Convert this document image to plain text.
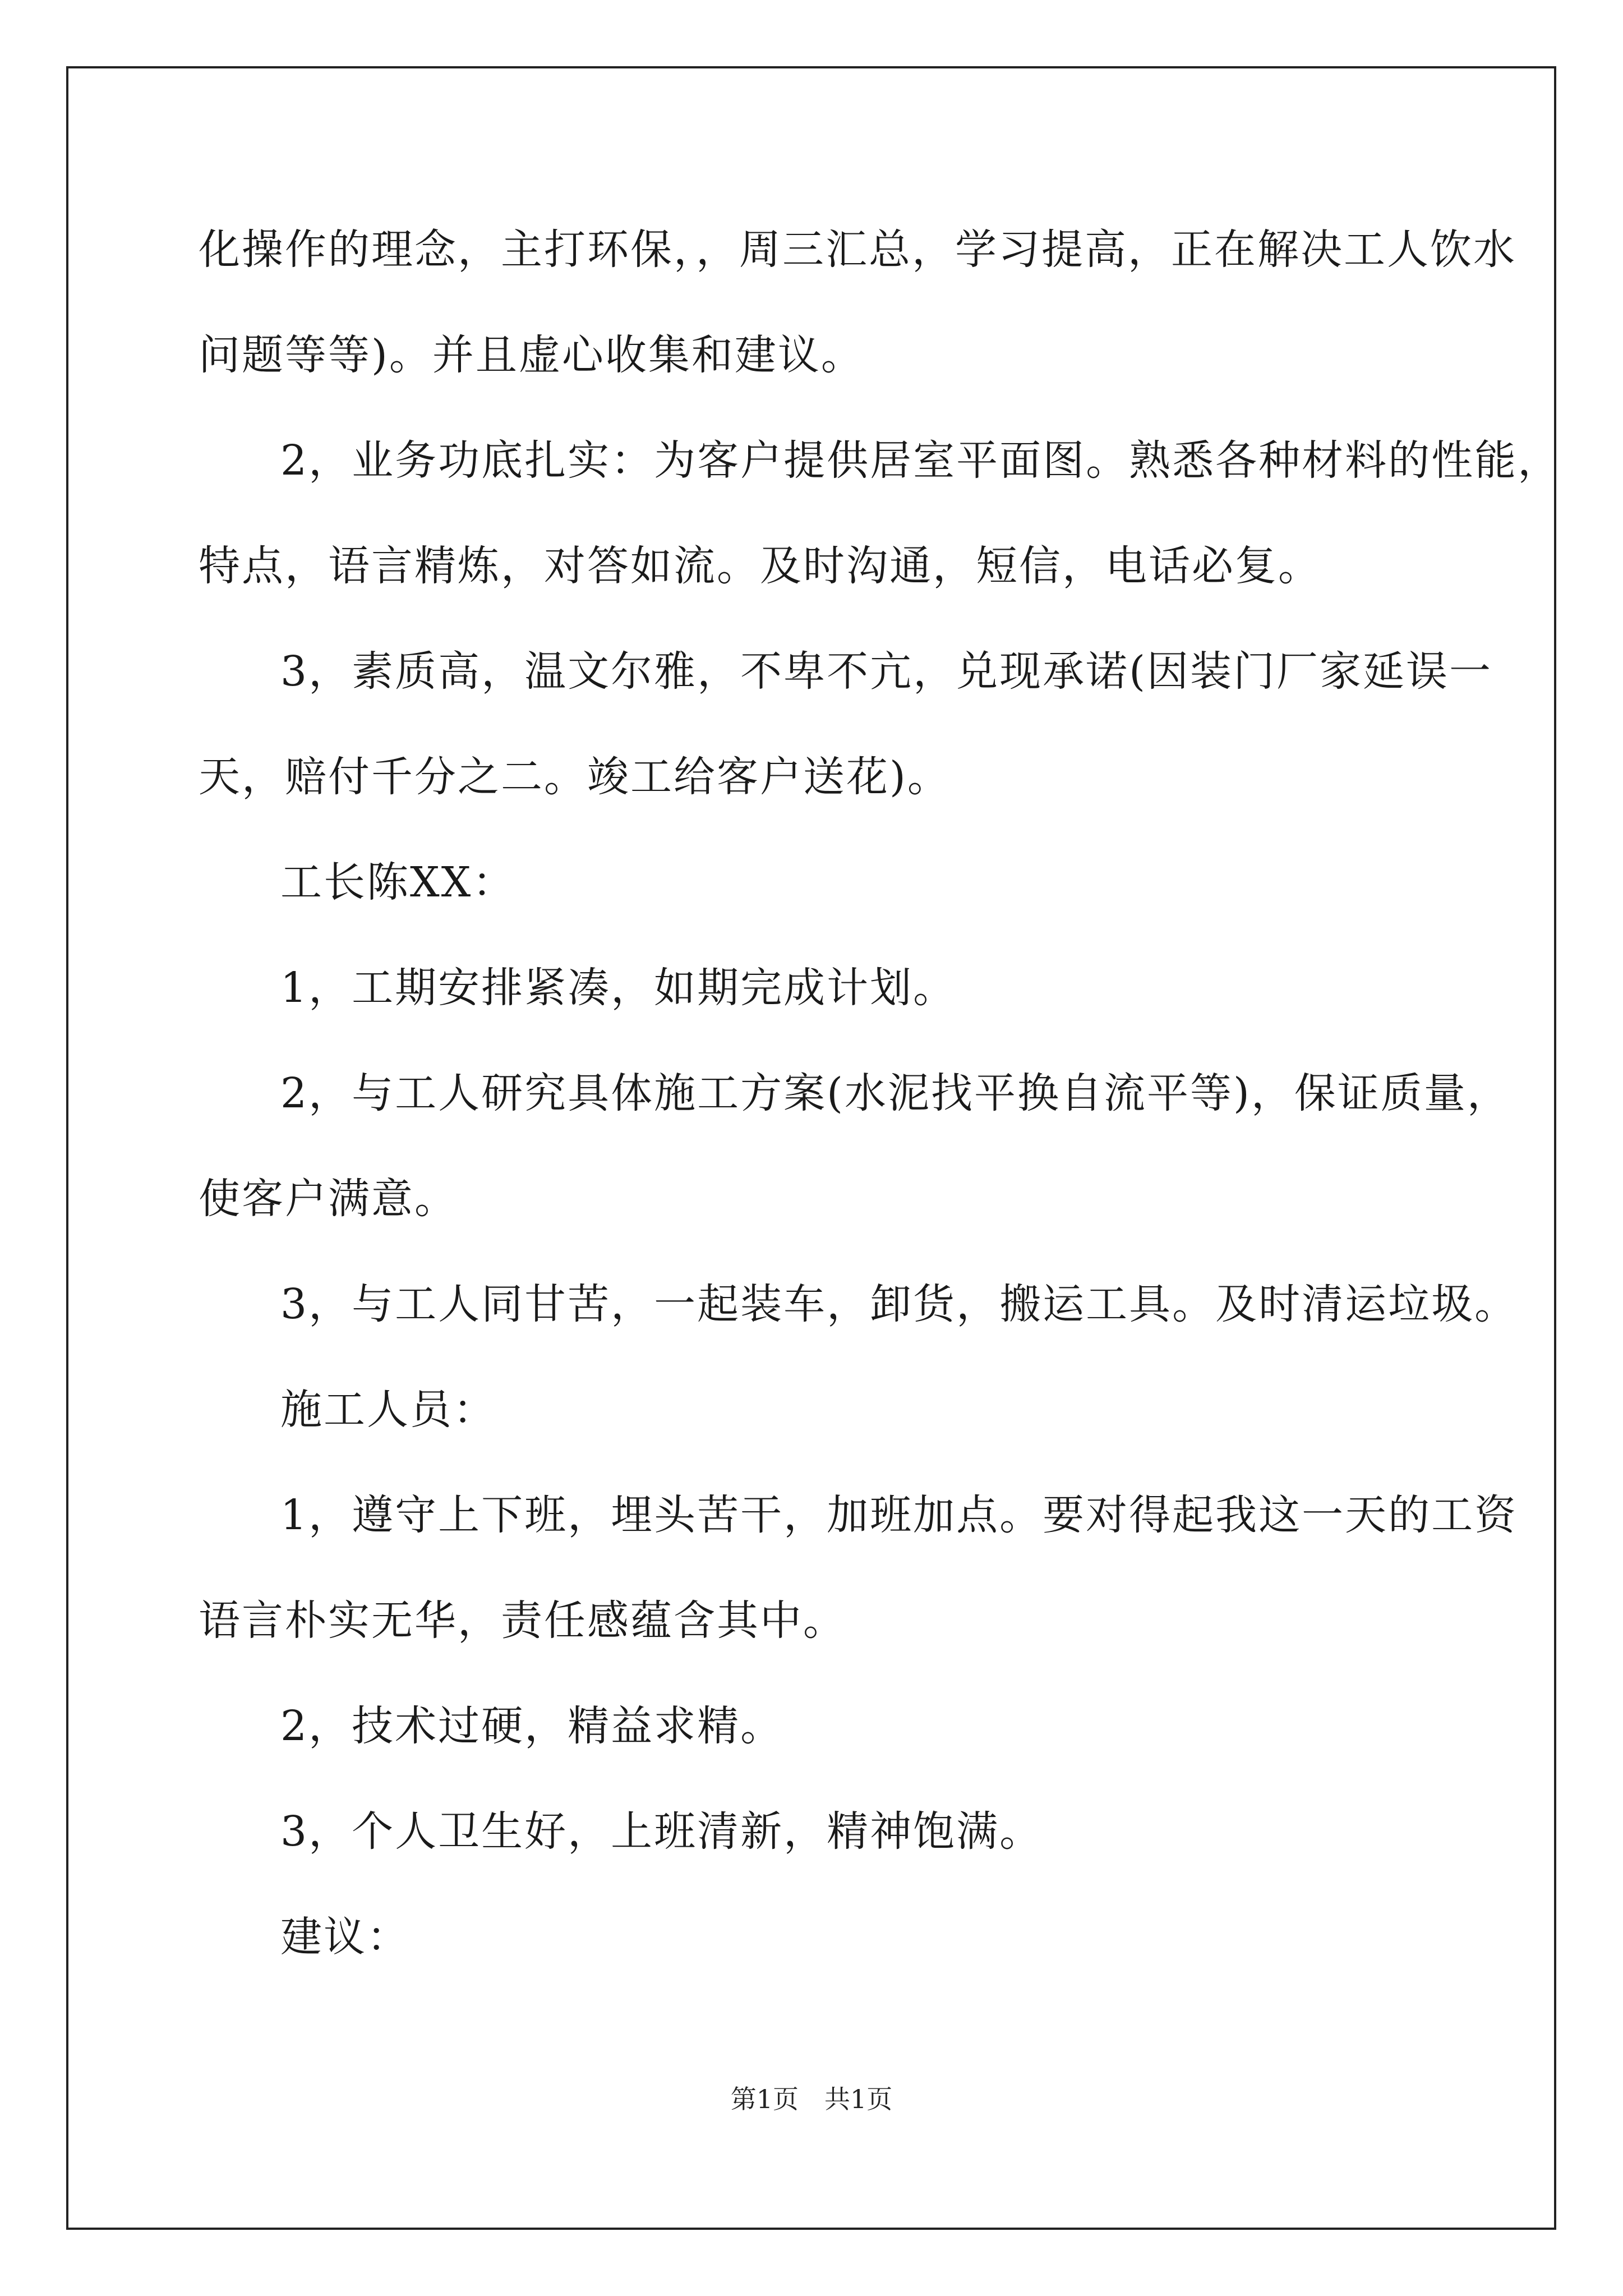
化操作的理念，主打环保，，周三汇总，学习提高，正在解决工人饮水
问题等等)。并且虚心收集和建议。
2，业务功底扎实：为客户提供居室平面图。熟悉各种材料的性能，
特点，语言精炼，对答如流。及时沟通，短信，电话必复。
3，素质高，温文尔雅，不卑不亢，兑现承诺(因装门厂家延误一
天，赔付千分之二。竣工给客户送花)。
工长陈XX：
1，工期安排紧凑，如期完成计划。
2，与工人研究具体施工方案(水泥找平换自流平等)，保证质量，
使客户满意。
3，与工人同甘苦，一起装车，卸货，搬运工具。及时清运垃圾。
施工人员：
1，遵守上下班，埋头苦干，加班加点。要对得起我这一天的工资
语言朴实无华，责任感蕴含其中。
2，技术过硬，精益求精。
3，个人卫生好，上班清新，精神饱满。
建议：
第1页　共1页
